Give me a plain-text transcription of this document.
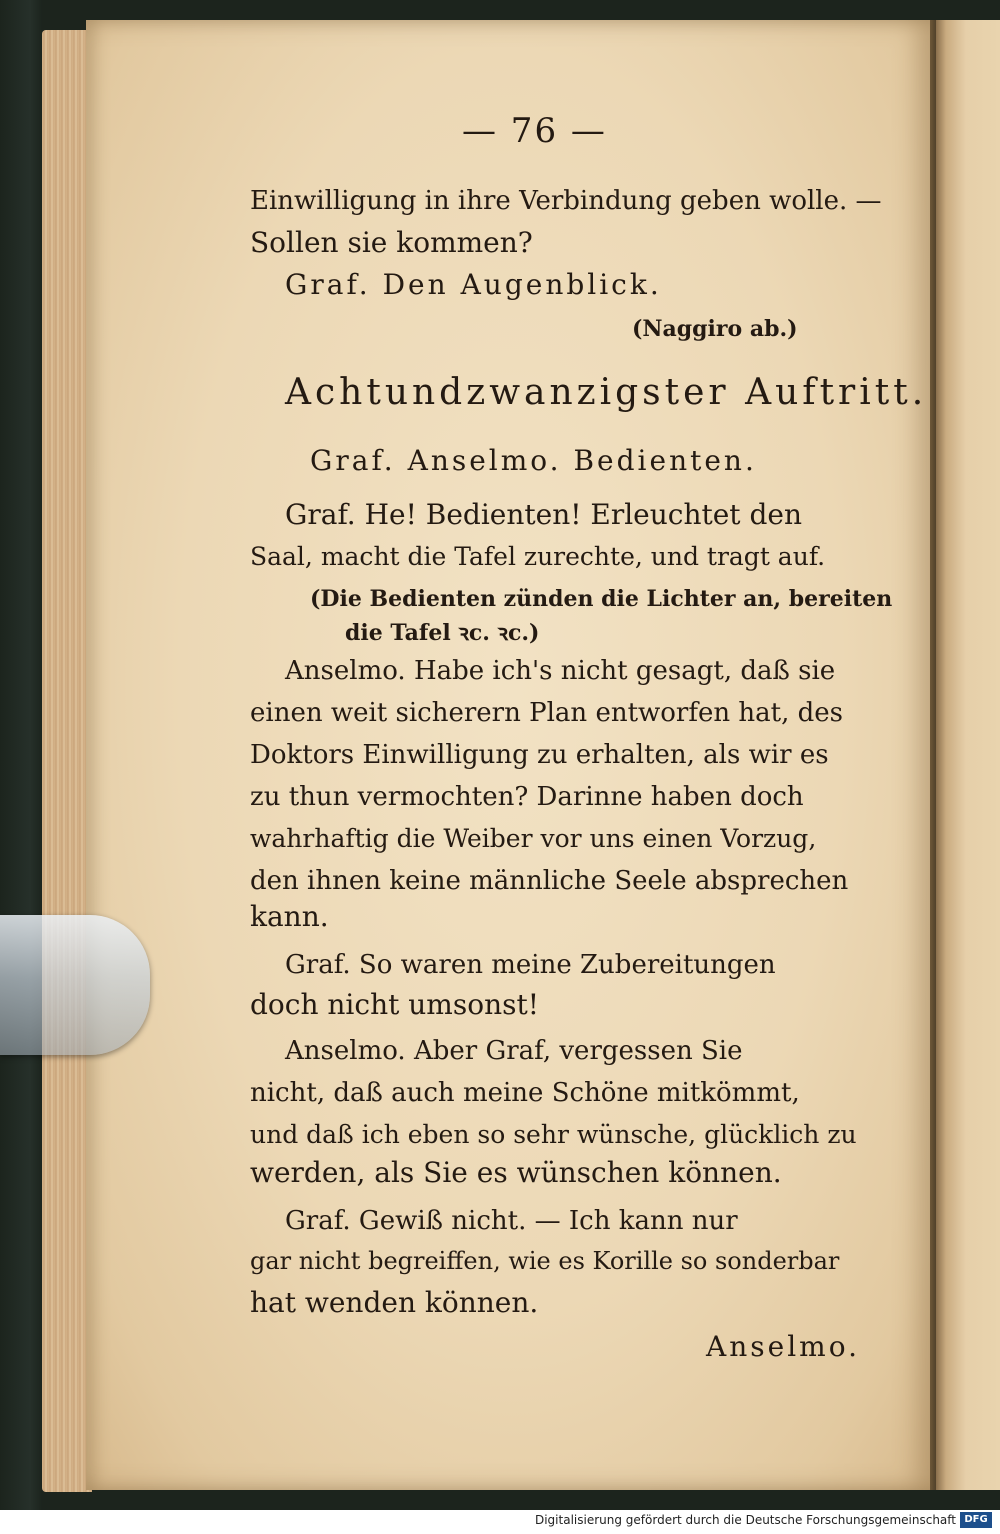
— 76 —
Einwilligung in ihre Verbindung geben wolle. —
Sollen sie kommen?
Graf. Den Augenblick.
(Naggiro ab.)
Achtundzwanzigster Auftritt.
Graf. Anselmo. Bedienten.
Graf. He! Bedienten! Erleuchtet den
Saal, macht die Tafel zurechte, und tragt auf.
(Die Bedienten zünden die Lichter an, bereiten
die Tafel ꝛc. ꝛc.)
Anselmo. Habe ich's nicht gesagt, daß sie
einen weit sicherern Plan entworfen hat, des
Doktors Einwilligung zu erhalten, als wir es
zu thun vermochten? Darinne haben doch
wahrhaftig die Weiber vor uns einen Vorzug,
den ihnen keine männliche Seele absprechen
kann.
Graf. So waren meine Zubereitungen
doch nicht umsonst!
Anselmo. Aber Graf, vergessen Sie
nicht, daß auch meine Schöne mitkömmt,
und daß ich eben so sehr wünsche, glücklich zu
werden, als Sie es wünschen können.
Graf. Gewiß nicht. — Ich kann nur
gar nicht begreiffen, wie es Korille so sonderbar
hat wenden können.
Anselmo.
Digitalisierung gefördert durch die Deutsche Forschungsgemeinschaft DFG
